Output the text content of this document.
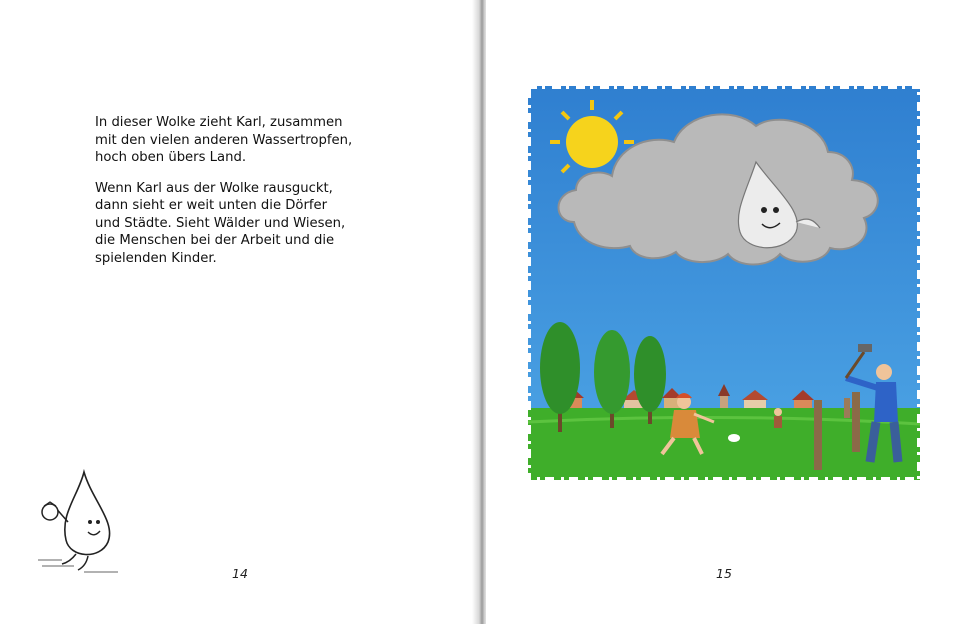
In dieser Wolke zieht Karl, zusammen
mit den vielen anderen Wassertropfen,
hoch oben übers Land.

Wenn Karl aus der Wolke rausguckt,
dann sieht er weit unten die Dörfer
und Städte. Sieht Wälder und Wiesen,
die Menschen bei der Arbeit und die
spielenden Kinder.

14	15
